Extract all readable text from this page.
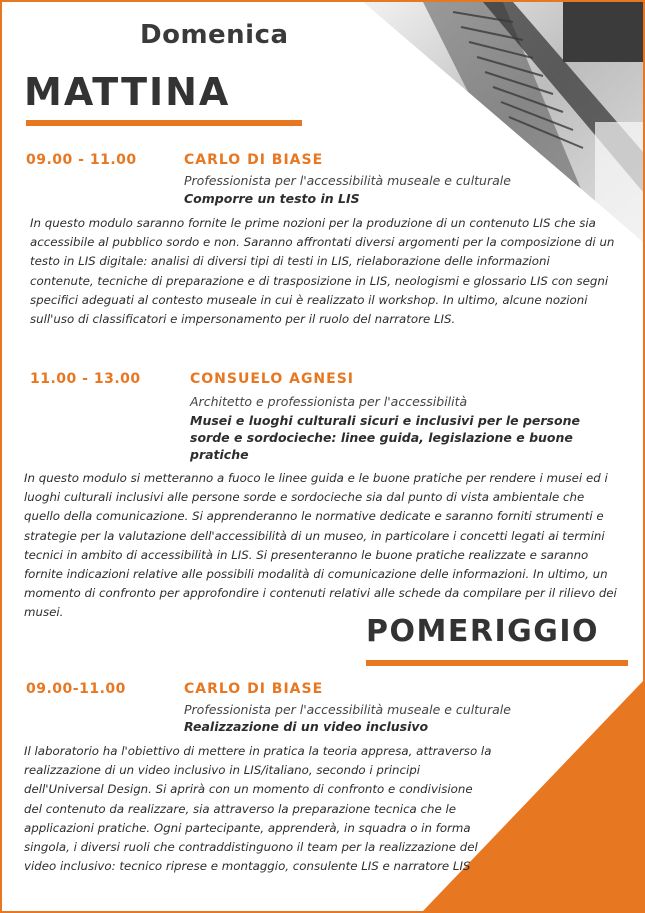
Domenica
MATTINA
09.00 - 11.00	CARLO DI BIASE
Professionista per l'accessibilità museale e culturale
Comporre un testo in LIS
In questo modulo saranno fornite le prime nozioni per la produzione di un contenuto LIS che sia accessibile al pubblico sordo e non. Saranno affrontati diversi argomenti per la composizione di un testo in LIS digitale: analisi di diversi tipi di testi in LIS, rielaborazione delle informazioni contenute, tecniche di preparazione e di trasposizione in LIS, neologismi e glossario LIS con segni specifici adeguati al contesto museale in cui è realizzato il workshop. In ultimo, alcune nozioni sull'uso di classificatori e impersonamento per il ruolo del narratore LIS.
11.00 - 13.00	CONSUELO AGNESI
Architetto e professionista per l'accessibilità
Musei e luoghi culturali sicuri e inclusivi per le persone sorde e sordocieche: linee guida, legislazione e buone pratiche
In questo modulo si metteranno a fuoco le linee guida e le buone pratiche per rendere i musei ed i luoghi culturali inclusivi alle persone sorde e sordocieche sia dal punto di vista ambientale che quello della comunicazione. Si apprenderanno le normative dedicate e saranno forniti strumenti e strategie per la valutazione dell'accessibilità di un museo, in particolare i concetti legati ai termini tecnici in ambito di accessibilità in LIS. Si presenteranno le buone pratiche realizzate e saranno fornite indicazioni relative alle possibili modalità di comunicazione delle informazioni. In ultimo, un momento di confronto per approfondire i contenuti relativi alle schede da compilare per il rilievo dei musei.
POMERIGGIO
09.00-11.00	CARLO DI BIASE
Professionista per l'accessibilità museale e culturale
Realizzazione di un video inclusivo
Il laboratorio ha l'obiettivo di mettere in pratica la teoria appresa, attraverso la realizzazione di un video inclusivo in LIS/italiano, secondo i principi dell'Universal Design. Si aprirà con un momento di confronto e condivisione del contenuto da realizzare, sia attraverso la preparazione tecnica che le applicazioni pratiche. Ogni partecipante, apprenderà, in squadra o in forma singola, i diversi ruoli che contraddistinguono il team per la realizzazione del video inclusivo: tecnico riprese e montaggio, consulente LIS e narratore LIS
